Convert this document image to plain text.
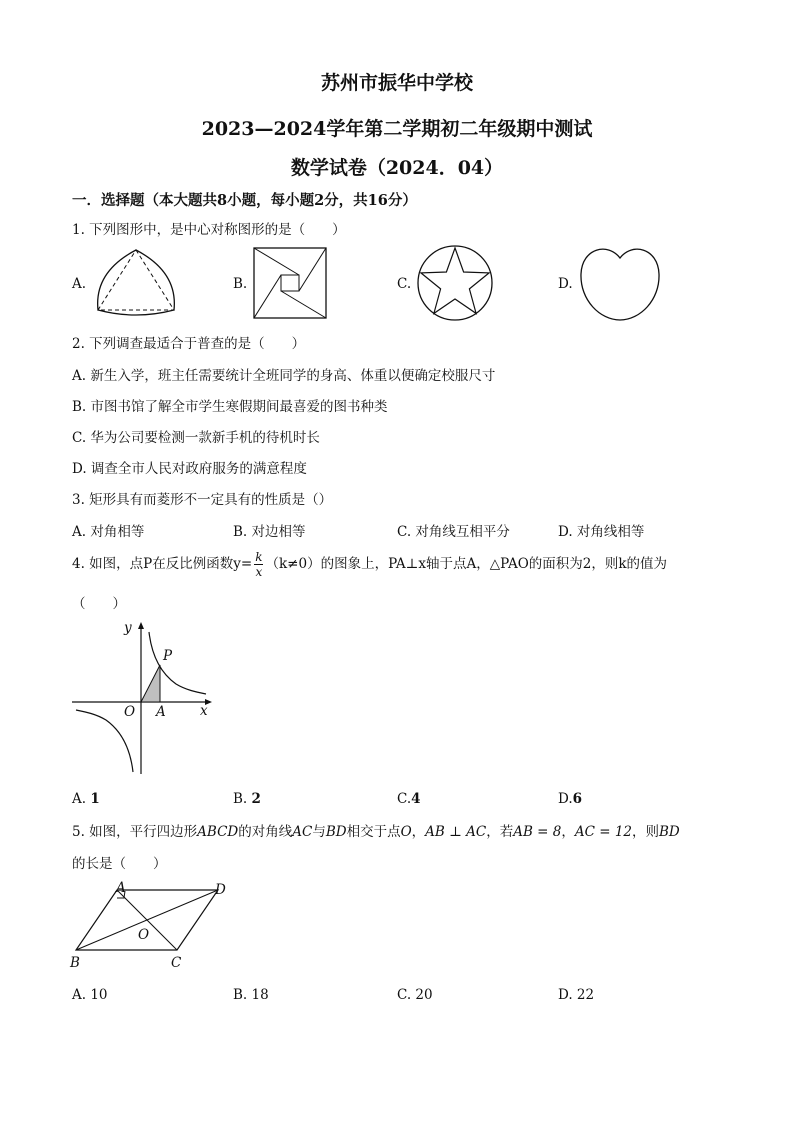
苏州市振华中学校
2023—2024学年第二学期初二年级期中测试
数学试卷（2024．04）
一．选择题（本大题共8小题，每小题2分，共16分）
1. 下列图形中，是中心对称图形的是（　　）
A.	B.	C.	D.
2. 下列调查最适合于普查的是（　　）
A. 新生入学，班主任需要统计全班同学的身高、体重以便确定校服尺寸
B. 市图书馆了解全市学生寒假期间最喜爱的图书种类
C. 华为公司要检测一款新手机的待机时长
D. 调查全市人民对政府服务的满意程度
3. 矩形具有而菱形不一定具有的性质是（）
A. 对角相等	B. 对边相等	C. 对角线互相平分	D. 对角线相等
4. 如图，点P在反比例函数$y= \frac{k}{x} (k\ne 0)$的图象上，PA⊥x轴于点A，△PAO的面积为2，则k的值为
（　　）
y
P
O A	x
A. 1	B. 2	C.4	D.6
5. 如图，平行四边形ABCD的对角线AC与BD相交于点O，AB ⊥ AC，若AB = 8，AC = 12，则BD
的长是（　　）
A	D
O
B	C
A. 10	B. 18	C. 20	D. 22
